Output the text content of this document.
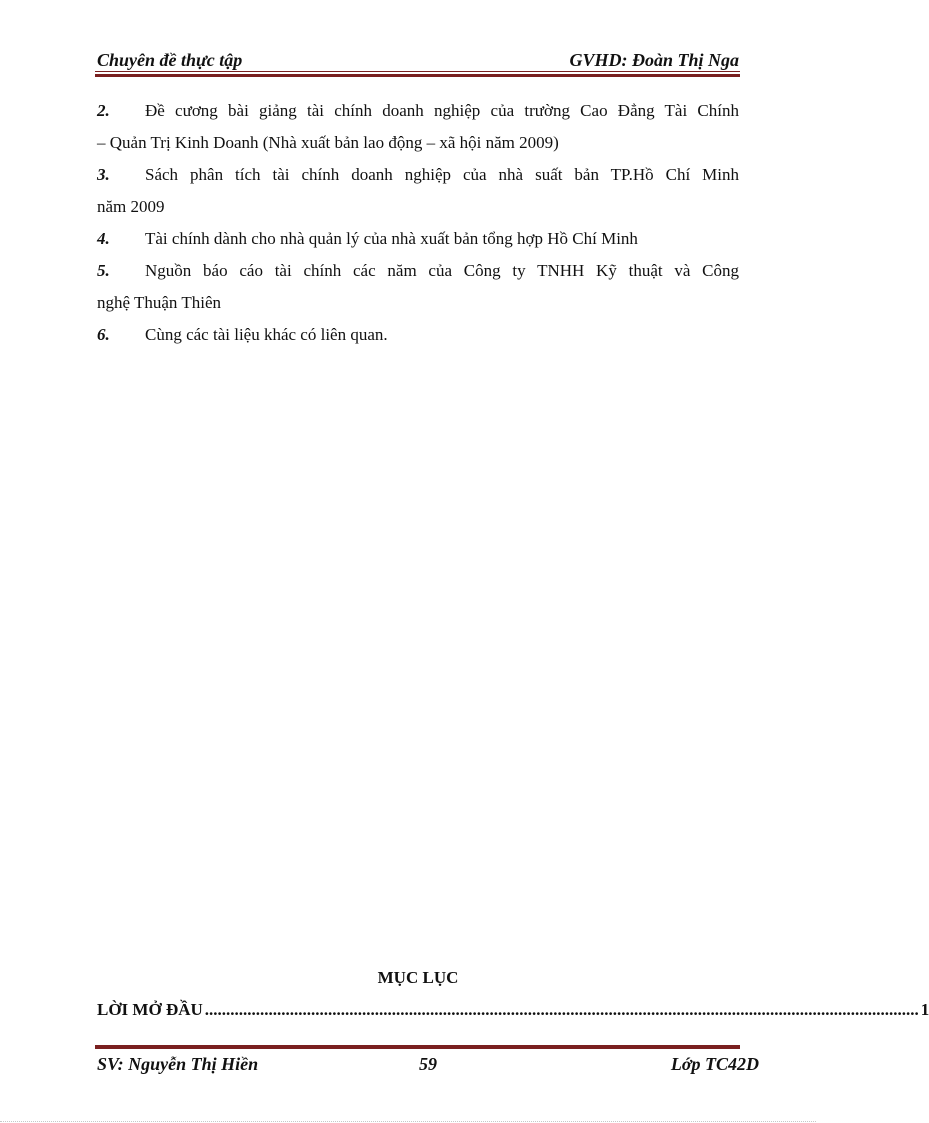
Chuyên đề thực tập	GVHD: Đoàn Thị Nga
2. Đề cương bài giảng tài chính doanh nghiệp của trường Cao Đẳng Tài Chính
– Quản Trị Kinh Doanh (Nhà xuất bản lao động – xã hội năm 2009)
3. Sách phân tích tài chính doanh nghiệp của nhà suất bản TP.Hồ Chí Minh
năm 2009
4. Tài chính dành cho nhà quản lý của nhà xuất bản tổng hợp Hồ Chí Minh
5. Nguồn báo cáo tài chính các năm của Công ty TNHH Kỹ thuật và Công
nghệ Thuận Thiên
6. Cùng các tài liệu khác có liên quan.
MỤC LỤC
LỜI MỞ ĐẦU ........................................................................................................................................................................ 1
SV: Nguyễn Thị Hiền	59	Lớp TC42D
